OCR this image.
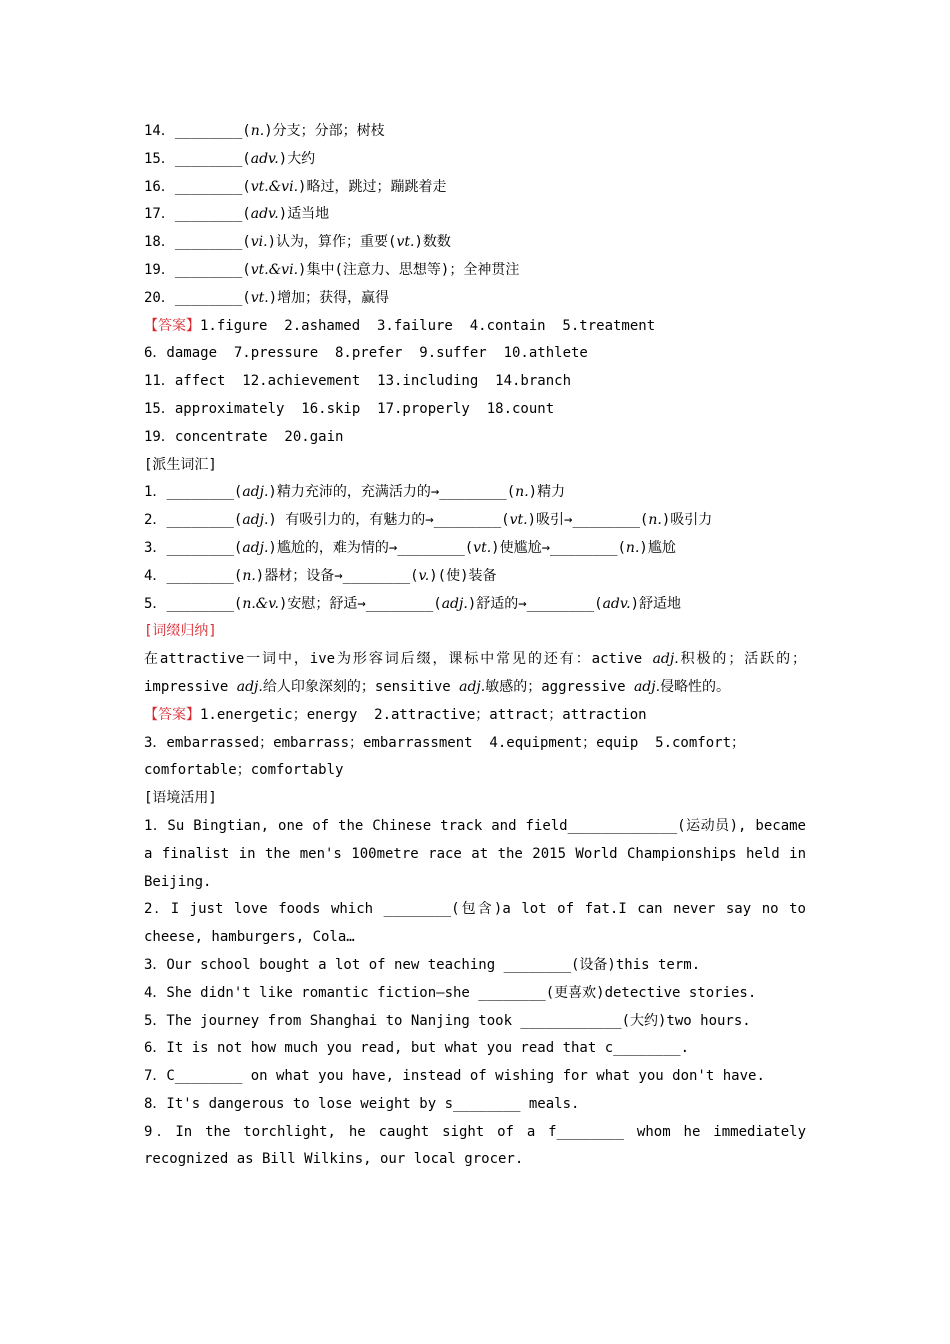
14．________(n.)分支；分部；树枝
15．________(adv.)大约
16．________(vt.&vi.)略过，跳过；蹦跳着走
17．________(adv.)适当地
18．________(vi.)认为，算作；重要(vt.)数数
19．________(vt.&vi.)集中(注意力、思想等)；全神贯注
20．________(vt.)增加；获得，赢得
【答案】1.figure  2.ashamed  3.failure  4.contain  5.treatment
6．damage  7.pressure  8.prefer  9.suffer  10.athlete
11．affect  12.achievement  13.including  14.branch
15．approximately  16.skip  17.properly  18.count
19．concentrate  20.gain
[派生词汇]
1．________(adj.)精力充沛的，充满活力的→________(n.)精力
2．________(adj.) 有吸引力的，有魅力的→________(vt.)吸引→________(n.)吸引力
3．________(adj.)尴尬的，难为情的→________(vt.)使尴尬→________(n.)尴尬
4．________(n.)器材；设备→________(v.)(使)装备
5．________(n.&v.)安慰；舒适→________(adj.)舒适的→________(adv.)舒适地
[词缀归纳]
在attractive一词中，ive为形容词后缀，课标中常见的还有：active adj.积极的；活跃的；impressive adj.给人印象深刻的；sensitive adj.敏感的；aggressive adj.侵略性的。
【答案】1.energetic；energy  2.attractive；attract；attraction
3．embarrassed；embarrass；embarrassment  4.equipment；equip  5.comfort；
comfortable；comfortably
[语境活用]
1．Su Bingtian, one of the Chinese track and field_____________(运动员), became a finalist in the men's 100metre race at the 2015 World Championships held in Beijing.
2．I just love foods which ________(包含)a lot of fat.I can never say no to cheese, hamburgers, Cola…
3．Our school bought a lot of new teaching ________(设备)this term.
4．She didn't like romantic fiction—she ________(更喜欢)detective stories.
5．The journey from Shanghai to Nanjing took ____________(大约)two hours.
6．It is not how much you read, but what you read that c________.
7．C________ on what you have, instead of wishing for what you don't have.
8．It's dangerous to lose weight by s________ meals.
9．In the torchlight, he caught sight of a f________ whom he immediately recognized as Bill Wilkins, our local grocer.
